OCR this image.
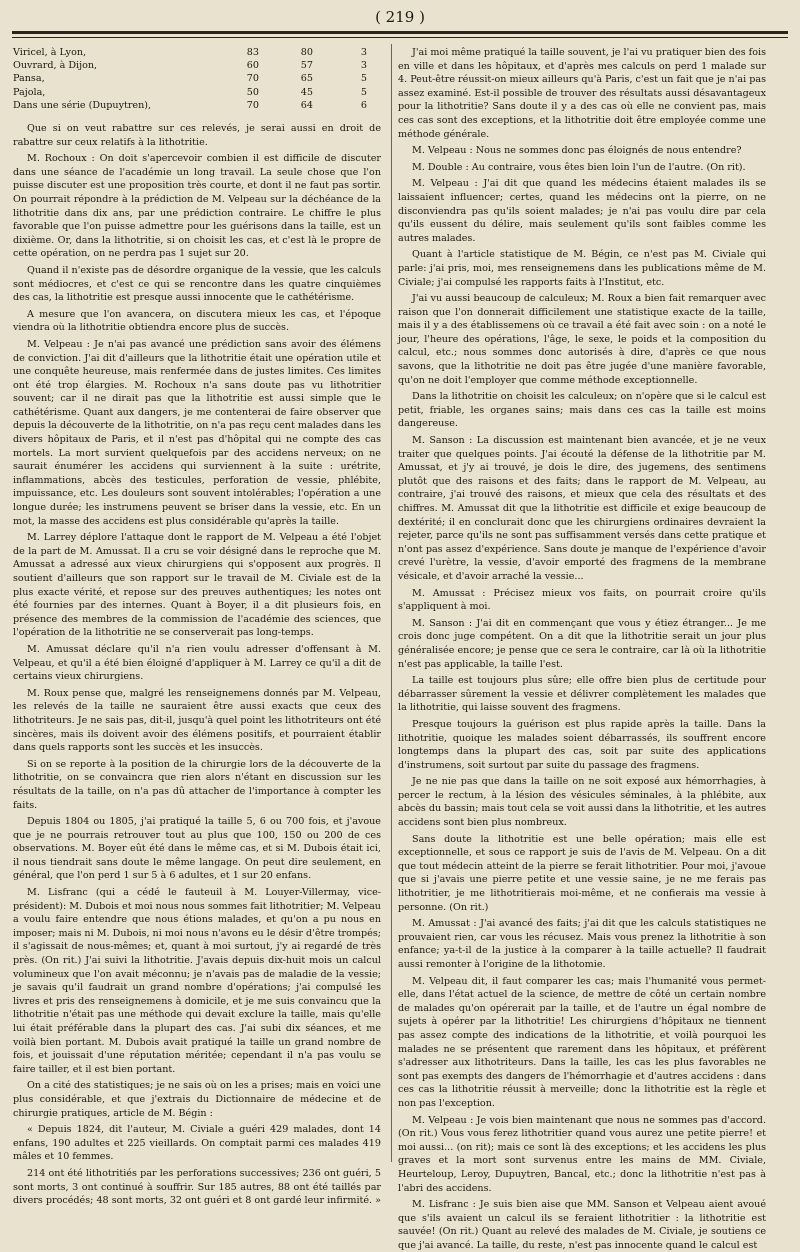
( 219 )
Viricel, à Lyon,	83	80	3
Ouvrard, à Dijon,	60	57	3
Pansa,	70	65	5
Pajola,	50	45	5
Dans une série (Dupuytren),	70	64	6

Que si on veut rabattre sur ces relevés, je serai aussi en droit de rabattre sur ceux relatifs à la lithotritie.

M. Rochoux : On doit s'apercevoir combien il est difficile de discuter dans une séance de l'académie un long travail. La seule chose que l'on puisse discuter est une proposition très courte, et dont il ne faut pas sortir. On pourrait répondre à la prédiction de M. Velpeau sur la déchéance de la lithotritie dans dix ans, par une prédiction contraire. Le chiffre le plus favorable que l'on puisse admettre pour les guérisons dans la taille, est un dixième. Or, dans la lithotritie, si on choisit les cas, et c'est là le propre de cette opération, on ne perdra pas 1 sujet sur 20.

Quand il n'existe pas de désordre organique de la vessie, que les calculs sont médiocres, et c'est ce qui se rencontre dans les quatre cinquièmes des cas, la lithotritie est presque aussi innocente que le cathétérisme.

A mesure que l'on avancera, on discutera mieux les cas, et l'époque viendra où la lithotritie obtiendra encore plus de succès.

M. Velpeau : Je n'ai pas avancé une prédiction sans avoir des élémens de conviction. J'ai dit d'ailleurs que la lithotritie était une opération utile et une conquête heureuse, mais renfermée dans de justes limites. Ces limites ont été trop élargies. M. Rochoux n'a sans doute pas vu lithotritier souvent; car il ne dirait pas que la lithotritie est aussi simple que le cathétérisme. Quant aux dangers, je me contenterai de faire observer que depuis la découverte de la lithotritie, on n'a pas reçu cent malades dans les divers hôpitaux de Paris, et il n'est pas d'hôpital qui ne compte des cas mortels. La mort survient quelquefois par des accidens nerveux; on ne saurait énumérer les accidens qui surviennent à la suite : urétrite, inflammations, abcès des testicules, perforation de vessie, phlébite, impuissance, etc. Les douleurs sont souvent intolérables; l'opération a une longue durée; les instrumens peuvent se briser dans la vessie, etc. En un mot, la masse des accidens est plus considérable qu'après la taille.

M. Larrey déplore l'attaque dont le rapport de M. Velpeau a été l'objet de la part de M. Amussat. Il a cru se voir désigné dans le reproche que M. Amussat a adressé aux vieux chirurgiens qui s'opposent aux progrès. Il soutient d'ailleurs que son rapport sur le travail de M. Civiale est de la plus exacte vérité, et repose sur des preuves authentiques; les notes ont été fournies par des internes. Quant à Boyer, il a dit plusieurs fois, en présence des membres de la commission de l'académie des sciences, que l'opération de la lithotritie ne se conserverait pas long-temps.

M. Amussat déclare qu'il n'a rien voulu adresser d'offensant à M. Velpeau, et qu'il a été bien éloigné d'appliquer à M. Larrey ce qu'il a dit de certains vieux chirurgiens.

M. Roux pense que, malgré les renseignemens donnés par M. Velpeau, les relevés de la taille ne sauraient être aussi exacts que ceux des lithotriteurs. Je ne sais pas, dit-il, jusqu'à quel point les lithotriteurs ont été sincères, mais ils doivent avoir des élémens positifs, et pourraient établir dans quels rapports sont les succès et les insuccès.

Si on se reporte à la position de la chirurgie lors de la découverte de la lithotritie, on se convaincra que rien alors n'étant en discussion sur les résultats de la taille, on n'a pas dû attacher de l'importance à compter les faits.

Depuis 1804 ou 1805, j'ai pratiqué la taille 5, 6 ou 700 fois, et j'avoue que je ne pourrais retrouver tout au plus que 100, 150 ou 200 de ces observations. M. Boyer eût été dans le même cas, et si M. Dubois était ici, il nous tiendrait sans doute le même langage. On peut dire seulement, en général, que l'on perd 1 sur 5 à 6 adultes, et 1 sur 20 enfans.

M. Lisfranc (qui a cédé le fauteuil à M. Louyer-Villermay, vice-président): M. Dubois et moi nous nous sommes fait lithotritier; M. Velpeau a voulu faire entendre que nous étions malades, et qu'on a pu nous en imposer; mais ni M. Dubois, ni moi nous n'avons eu le désir d'être trompés; il s'agissait de nous-mêmes; et, quant à moi surtout, j'y ai regardé de très près. (On rit.) J'ai suivi la lithotritie. J'avais depuis dix-huit mois un calcul volumineux que l'on avait méconnu; je n'avais pas de maladie de la vessie; je savais qu'il faudrait un grand nombre d'opérations; j'ai compulsé les livres et pris des renseignemens à domicile, et je me suis convaincu que la lithotritie n'était pas une méthode qui devait exclure la taille, mais qu'elle lui était préférable dans la plupart des cas. J'ai subi dix séances, et me voilà bien portant. M. Dubois avait pratiqué la taille un grand nombre de fois, et jouissait d'une réputation méritée; cependant il n'a pas voulu se faire tailler, et il est bien portant.

On a cité des statistiques; je ne sais où on les a prises; mais en voici une plus considérable, et que j'extrais du Dictionnaire de médecine et de chirurgie pratiques, article de M. Bégin :

« Depuis 1824, dit l'auteur, M. Civiale a guéri 429 malades, dont 14 enfans, 190 adultes et 225 vieillards. On comptait parmi ces malades 419 mâles et 10 femmes.

214 ont été lithotritiés par les perforations successives; 236 ont guéri, 5 sont morts, 3 ont continué à souffrir. Sur 185 autres, 88 ont été taillés par divers procédés; 48 sont morts, 32 ont guéri et 8 ont gardé leur infirmité. »

J'ai moi même pratiqué la taille souvent, je l'ai vu pratiquer bien des fois en ville et dans les hôpitaux, et d'après mes calculs on perd 1 malade sur 4. Peut-être réussit-on mieux ailleurs qu'à Paris, c'est un fait que je n'ai pas assez examiné. Est-il possible de trouver des résultats aussi désavantageux pour la lithotritie? Sans doute il y a des cas où elle ne convient pas, mais ces cas sont des exceptions, et la lithotritie doit être employée comme une méthode générale.

M. Velpeau : Nous ne sommes donc pas éloignés de nous entendre?

M. Double : Au contraire, vous êtes bien loin l'un de l'autre. (On rit).

M. Velpeau : J'ai dit que quand les médecins étaient malades ils se laissaient influencer; certes, quand les médecins ont la pierre, on ne disconviendra pas qu'ils soient malades; je n'ai pas voulu dire par cela qu'ils eussent du délire, mais seulement qu'ils sont faibles comme les autres malades.

Quant à l'article statistique de M. Bégin, ce n'est pas M. Civiale qui parle: j'ai pris, moi, mes renseignemens dans les publications même de M. Civiale; j'ai compulsé les rapports faits à l'Institut, etc.

J'ai vu aussi beaucoup de calculeux; M. Roux a bien fait remarquer avec raison que l'on donnerait difficilement une statistique exacte de la taille, mais il y a des établissemens où ce travail a été fait avec soin : on a noté le jour, l'heure des opérations, l'âge, le sexe, le poids et la composition du calcul, etc.; nous sommes donc autorisés à dire, d'après ce que nous savons, que la lithotritie ne doit pas être jugée d'une manière favorable, qu'on ne doit l'employer que comme méthode exceptionnelle.

Dans la lithotritie on choisit les calculeux; on n'opère que si le calcul est petit, friable, les organes sains; mais dans ces cas la taille est moins dangereuse.

M. Sanson : La discussion est maintenant bien avancée, et je ne veux traiter que quelques points. J'ai écouté la défense de la lithotritie par M. Amussat, et j'y ai trouvé, je dois le dire, des jugemens, des sentimens plutôt que des raisons et des faits; dans le rapport de M. Velpeau, au contraire, j'ai trouvé des raisons, et mieux que cela des résultats et des chiffres. M. Amussat dit que la lithotritie est difficile et exige beaucoup de dextérité; il en conclurait donc que les chirurgiens ordinaires devraient la rejeter, parce qu'ils ne sont pas suffisamment versés dans cette pratique et n'ont pas assez d'expérience. Sans doute je manque de l'expérience d'avoir crevé l'urètre, la vessie, d'avoir emporté des fragmens de la membrane vésicale, et d'avoir arraché la vessie...

M. Amussat : Précisez mieux vos faits, on pourrait croire qu'ils s'appliquent à moi.

M. Sanson : J'ai dit en commençant que vous y étiez étranger... Je me crois donc juge compétent. On a dit que la lithotritie serait un jour plus généralisée encore; je pense que ce sera le contraire, car là où la lithotritie n'est pas applicable, la taille l'est.

La taille est toujours plus sûre; elle offre bien plus de certitude pour débarrasser sûrement la vessie et délivrer complètement les malades que la lithotritie, qui laisse souvent des fragmens.

Presque toujours la guérison est plus rapide après la taille. Dans la lithotritie, quoique les malades soient débarrassés, ils souffrent encore longtemps dans la plupart des cas, soit par suite des applications d'instrumens, soit surtout par suite du passage des fragmens.

Je ne nie pas que dans la taille on ne soit exposé aux hémorrhagies, à percer le rectum, à la lésion des vésicules séminales, à la phlébite, aux abcès du bassin; mais tout cela se voit aussi dans la lithotritie, et les autres accidens sont bien plus nombreux.

Sans doute la lithotritie est une belle opération; mais elle est exceptionnelle, et sous ce rapport je suis de l'avis de M. Velpeau. On a dit que tout médecin atteint de la pierre se ferait lithotritier. Pour moi, j'avoue que si j'avais une pierre petite et une vessie saine, je ne me ferais pas lithotritier, je me lithotritierais moi-même, et ne confierais ma vessie à personne. (On rit.)

M. Amussat : J'ai avancé des faits; j'ai dit que les calculs statistiques ne prouvaient rien, car vous les récusez. Mais vous prenez la lithotritie à son enfance; ya-t-il de la justice à la comparer à la taille actuelle? Il faudrait aussi remonter à l'origine de la lithotomie.

M. Velpeau dit, il faut comparer les cas; mais l'humanité vous permet-elle, dans l'état actuel de la science, de mettre de côté un certain nombre de malades qu'on opérerait par la taille, et de l'autre un égal nombre de sujets à opérer par la lithotritie! Les chirurgiens d'hôpitaux ne tiennent pas assez compte des indications de la lithotritie, et voilà pourquoi les malades ne se présentent que rarement dans les hôpitaux, et préfèrent s'adresser aux lithotriteurs. Dans la taille, les cas les plus favorables ne sont pas exempts des dangers de l'hémorrhagie et d'autres accidens : dans ces cas la lithotritie réussit à merveille; donc la lithotritie est la règle et non pas l'exception.

M. Velpeau : Je vois bien maintenant que nous ne sommes pas d'accord. (On rit.) Vous vous ferez lithotritier quand vous aurez une petite pierre! et moi aussi... (on rit); mais ce sont là des exceptions; et les accidens les plus graves et la mort sont survenus entre les mains de MM. Civiale, Heurteloup, Leroy, Dupuytren, Bancal, etc.; donc la lithotritie n'est pas à l'abri des accidens.

M. Lisfranc : Je suis bien aise que MM. Sanson et Velpeau aient avoué que s'ils avaient un calcul ils se feraient lithotritier : la lithotritie est sauvée! (On rit.) Quant au relevé des malades de M. Civiale, je soutiens ce que j'ai avancé. La taille, du reste, n'est pas innocente quand le calcul est
